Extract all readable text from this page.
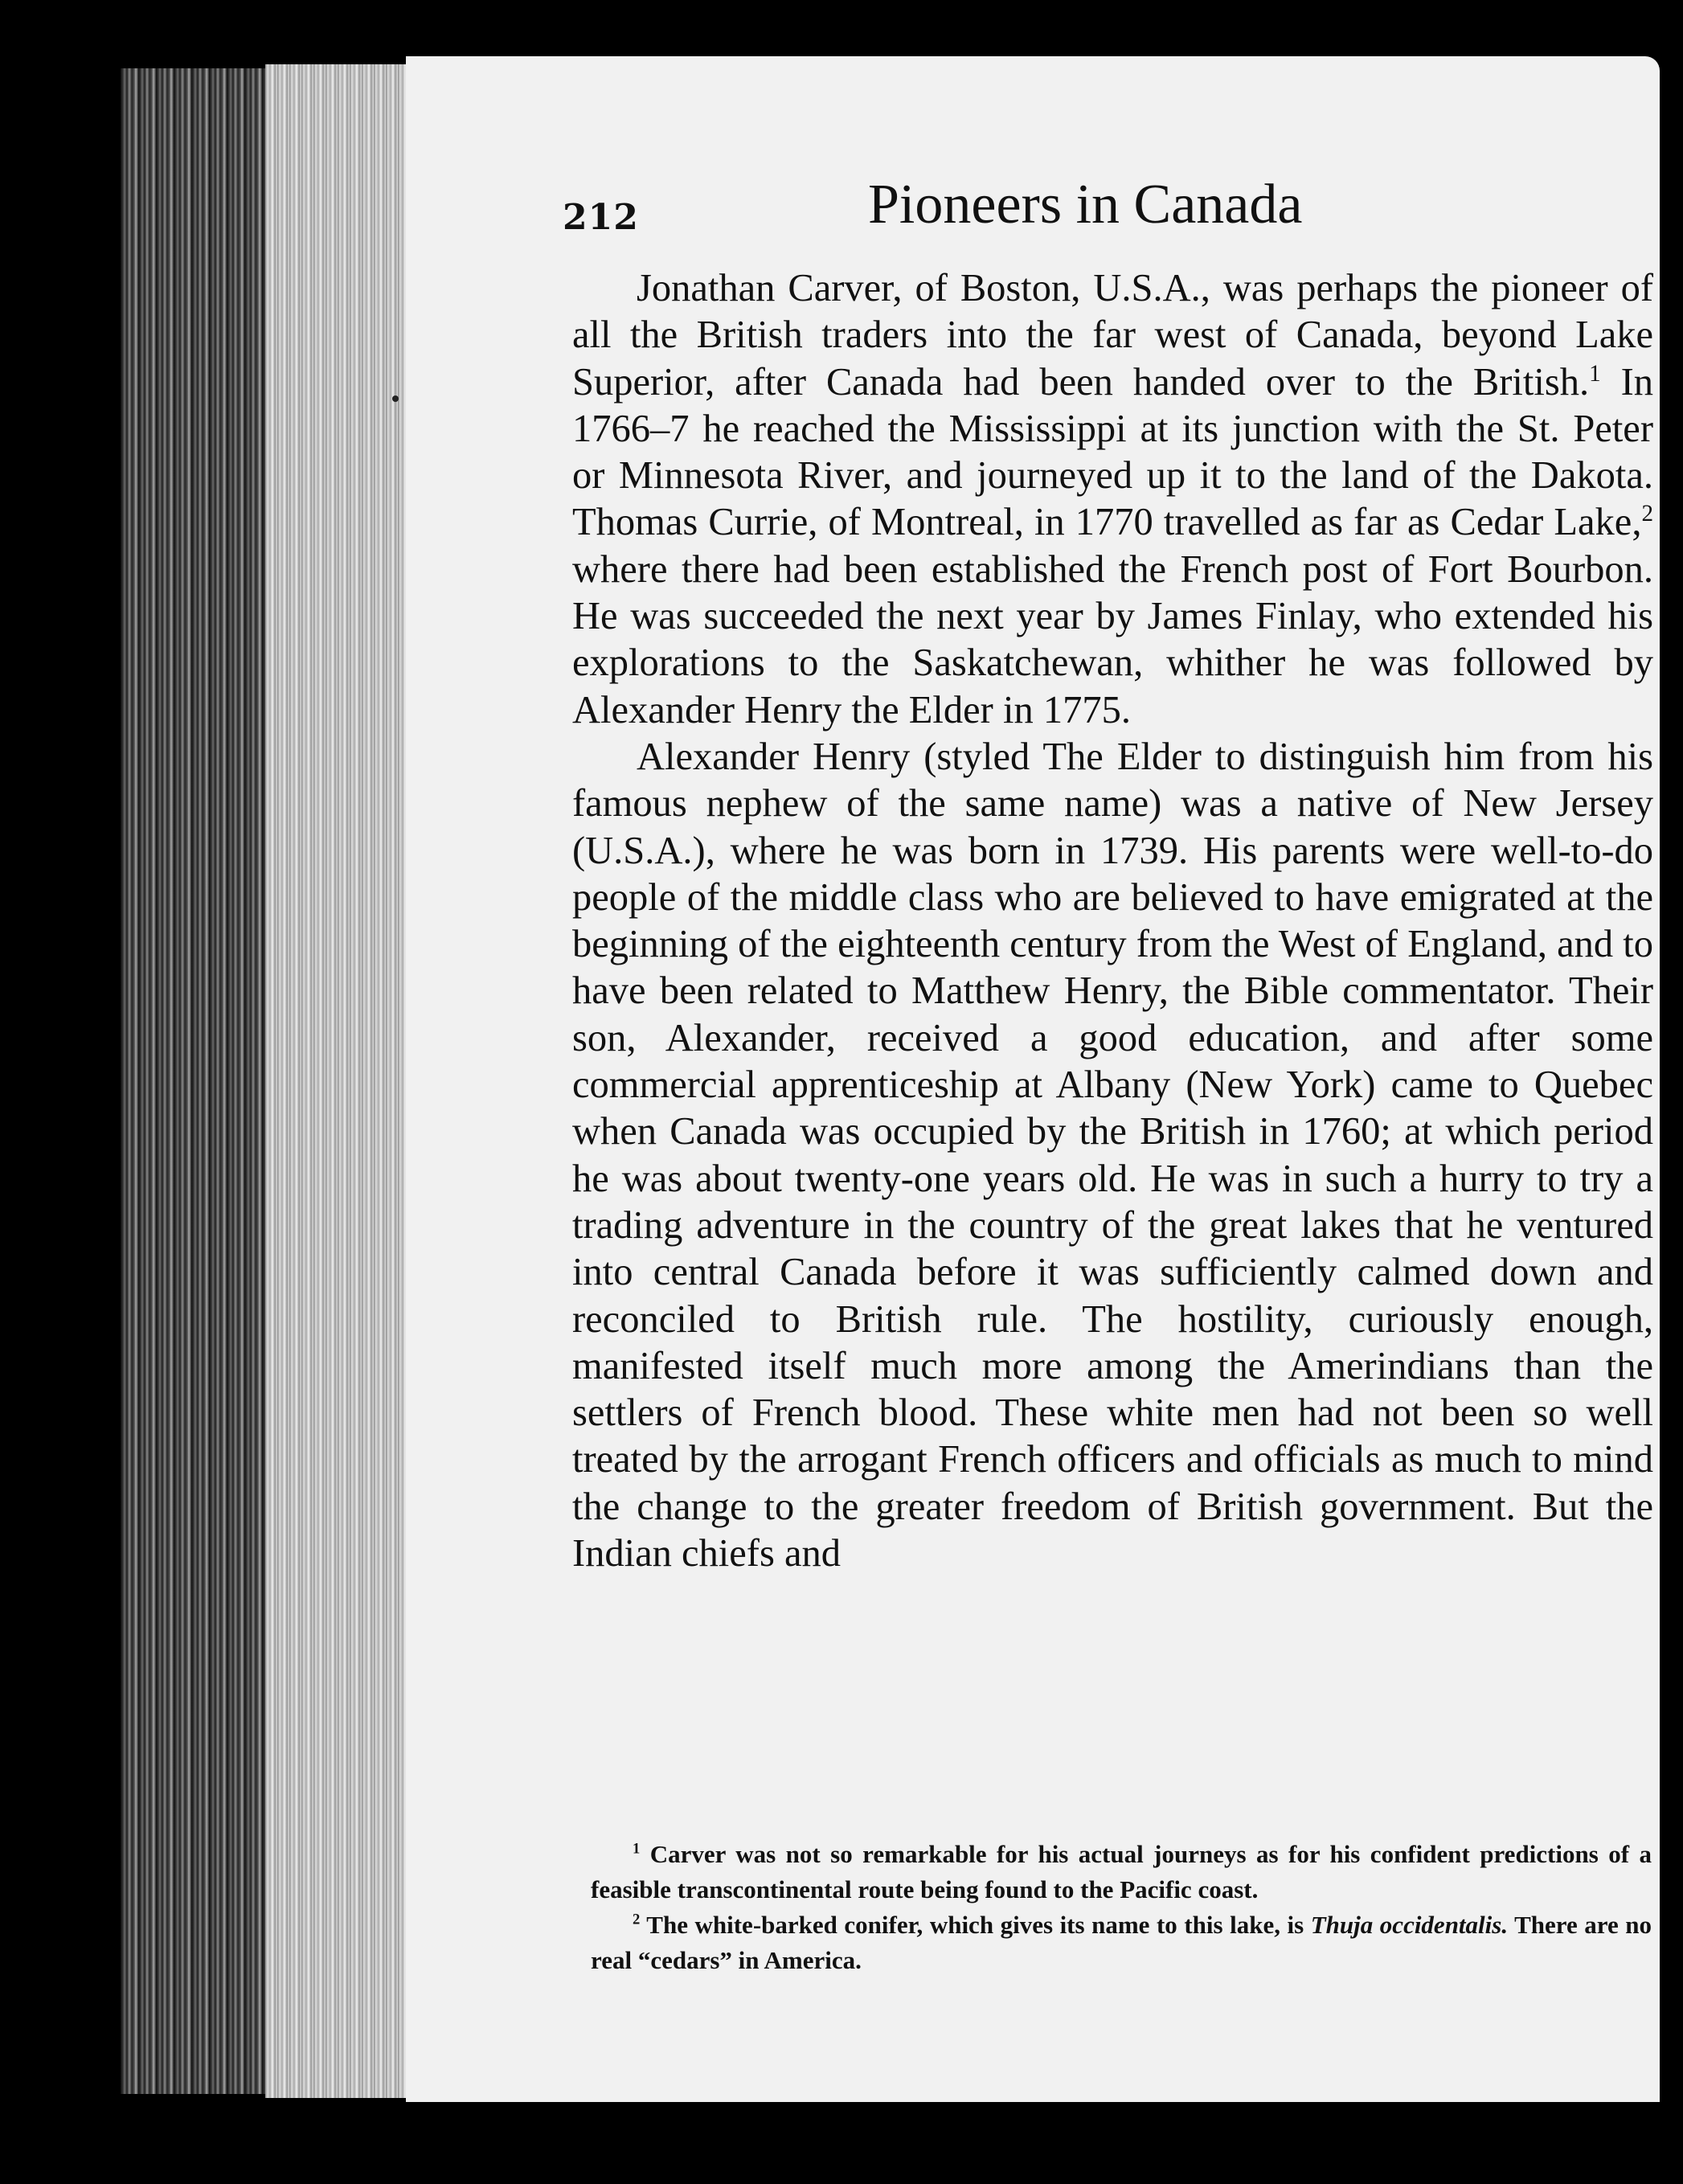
212	Pioneers in Canada

Jonathan Carver, of Boston, U.S.A., was perhaps the pioneer of all the British traders into the far west of Canada, beyond Lake Superior, after Canada had been handed over to the British.$^1$ In 1766–7 he reached the Mississippi at its junction with the St. Peter or Minnesota River, and journeyed up it to the land of the Dakota. Thomas Currie, of Montreal, in 1770 travelled as far as Cedar Lake,$^2$ where there had been established the French post of Fort Bourbon. He was succeeded the next year by James Finlay, who extended his explorations to the Saskatchewan, whither he was followed by Alexander Henry the Elder in 1775.

Alexander Henry (styled The Elder to distinguish him from his famous nephew of the same name) was a native of New Jersey (U.S.A.), where he was born in 1739. His parents were well-to-do people of the middle class who are believed to have emigrated at the beginning of the eighteenth century from the West of England, and to have been related to Matthew Henry, the Bible commentator. Their son, Alexander, received a good education, and after some commercial apprenticeship at Albany (New York) came to Quebec when Canada was occupied by the British in 1760; at which period he was about twenty-one years old. He was in such a hurry to try a trading adventure in the country of the great lakes that he ventured into central Canada before it was sufficiently calmed down and reconciled to British rule. The hostility, curiously enough, manifested itself much more among the Amerindians than the settlers of French blood. These white men had not been so well treated by the arrogant French officers and officials as much to mind the change to the greater freedom of British government. But the Indian chiefs and

$^1$ Carver was not so remarkable for his actual journeys as for his confident predictions of a feasible transcontinental route being found to the Pacific coast.

$^2$ The white-barked conifer, which gives its name to this lake, is Thuja occidentalis. There are no real “cedars” in America.
